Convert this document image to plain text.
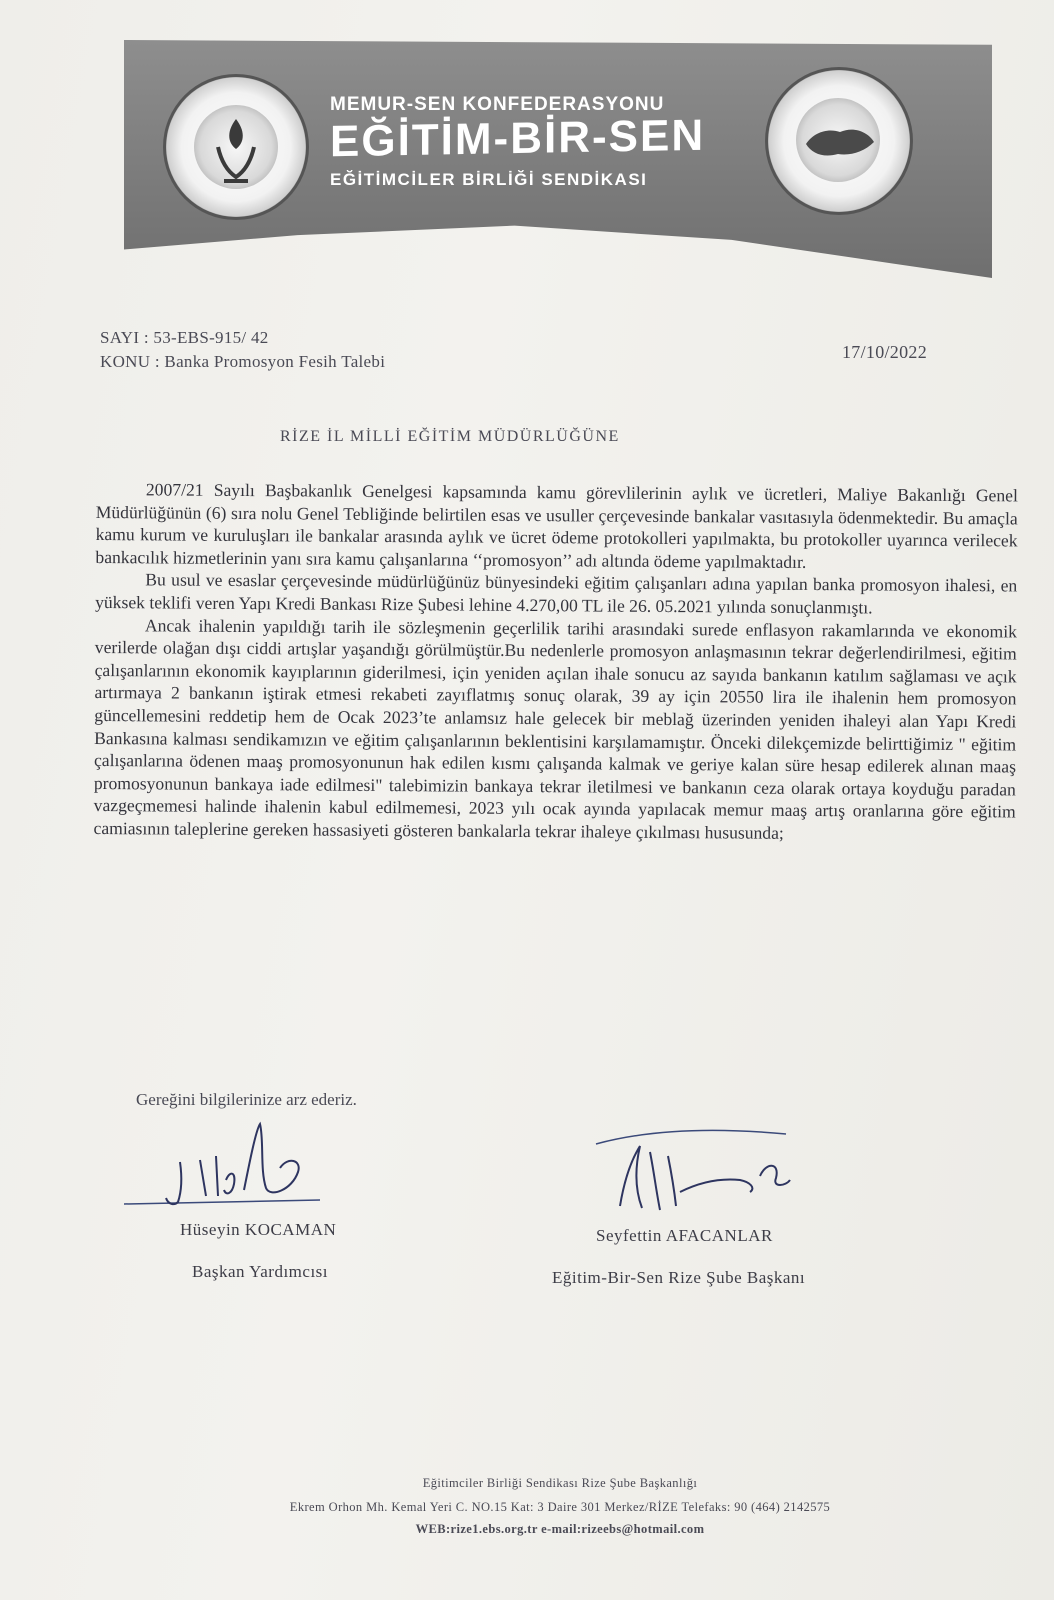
MEMUR-SEN KONFEDERASYONU
EĞİTİM-BİR-SEN
EĞİTİMCİLER BİRLİĞİ SENDİKASI
SAYI : 53-EBS-915/ 42
KONU : Banka Promosyon Fesih Talebi	17/10/2022
RİZE İL MİLLİ EĞİTİM MÜDÜRLÜĞÜNE

2007/21 Sayılı Başbakanlık Genelgesi kapsamında kamu görevlilerinin aylık ve ücretleri, Maliye Bakanlığı Genel Müdürlüğünün (6) sıra nolu Genel Tebliğinde belirtilen esas ve usuller çerçevesinde bankalar vasıtasıyla ödenmektedir. Bu amaçla kamu kurum ve kuruluşları ile bankalar arasında aylık ve ücret ödeme protokolleri yapılmakta, bu protokoller uyarınca verilecek bankacılık hizmetlerinin yanı sıra kamu çalışanlarına ‘‘promosyon’’ adı altında ödeme yapılmaktadır.

Bu usul ve esaslar çerçevesinde müdürlüğünüz bünyesindeki eğitim çalışanları adına yapılan banka promosyon ihalesi, en yüksek teklifi veren Yapı Kredi Bankası Rize Şubesi lehine 4.270,00 TL ile 26. 05.2021 yılında sonuçlanmıştı.

Ancak ihalenin yapıldığı tarih ile sözleşmenin geçerlilik tarihi arasındaki surede enflasyon rakamlarında ve ekonomik verilerde olağan dışı ciddi artışlar yaşandığı görülmüştür.Bu nedenlerle promosyon anlaşmasının tekrar değerlendirilmesi, eğitim çalışanlarının ekonomik kayıplarının giderilmesi, için yeniden açılan ihale sonucu az sayıda bankanın katılım sağlaması ve açık artırmaya 2 bankanın iştirak etmesi rekabeti zayıflatmış sonuç olarak, 39 ay için 20550 lira ile ihalenin hem promosyon güncellemesini reddetip hem de Ocak 2023’te anlamsız hale gelecek bir meblağ üzerinden yeniden ihaleyi alan Yapı Kredi Bankasına kalması sendikamızın ve eğitim çalışanlarının beklentisini karşılamamıştır. Önceki dilekçemizde belirttiğimiz " eğitim çalışanlarına ödenen maaş promosyonunun hak edilen kısmı çalışanda kalmak ve geriye kalan süre hesap edilerek alınan maaş promosyonunun bankaya iade edilmesi" talebimizin bankaya tekrar iletilmesi ve bankanın ceza olarak ortaya koyduğu paradan vazgeçmemesi halinde ihalenin kabul edilmemesi, 2023 yılı ocak ayında yapılacak memur maaş artış oranlarına göre eğitim camiasının taleplerine gereken hassasiyeti gösteren bankalarla tekrar ihaleye çıkılması hususunda;

Gereğini bilgilerinize arz ederiz.
Hüseyin KOCAMAN
Başkan Yardımcısı
Seyfettin AFACANLAR
Eğitim-Bir-Sen Rize Şube Başkanı
Eğitimciler Birliği Sendikası Rize Şube Başkanlığı
Ekrem Orhon Mh. Kemal Yeri C. NO.15 Kat: 3 Daire 301 Merkez/RİZE Telefaks: 90 (464) 2142575
WEB:rize1.ebs.org.tr e-mail:rizeebs@hotmail.com
